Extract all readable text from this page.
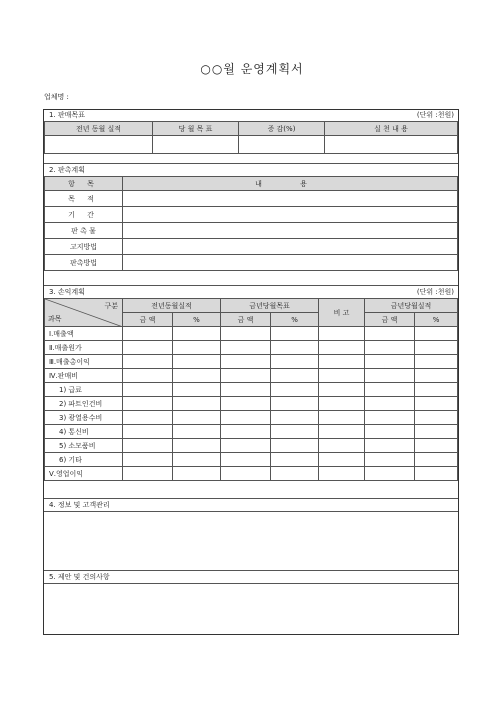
○○월 운영계획서
업체명 :
1. 판매목표	(단위 :천원)
전년 동월 실적	당 월 목 표	증 감(%)	실 천 내 용

2. 판촉계획
항 목	내 용
목 적	
기 간	
판 촉 물	
고지방법	
판촉방법	
3. 손익계획	(단위 :천원)
구분
과목	전년동월실적		금년당월목표		비 고	금년당월실적	
	금 액	%	금 액	%		금 액	%
Ⅰ.매출액							
Ⅱ.매출원가							
Ⅲ.매출총이익							
Ⅳ.판매비							
1) 급료							
2) 파트인건비							
3) 광열용수비							
4) 통신비							
5) 소모품비							
6) 기타							
Ⅴ.영업이익							
4. 정보 및 고객관리
5. 제안 및 건의사항
